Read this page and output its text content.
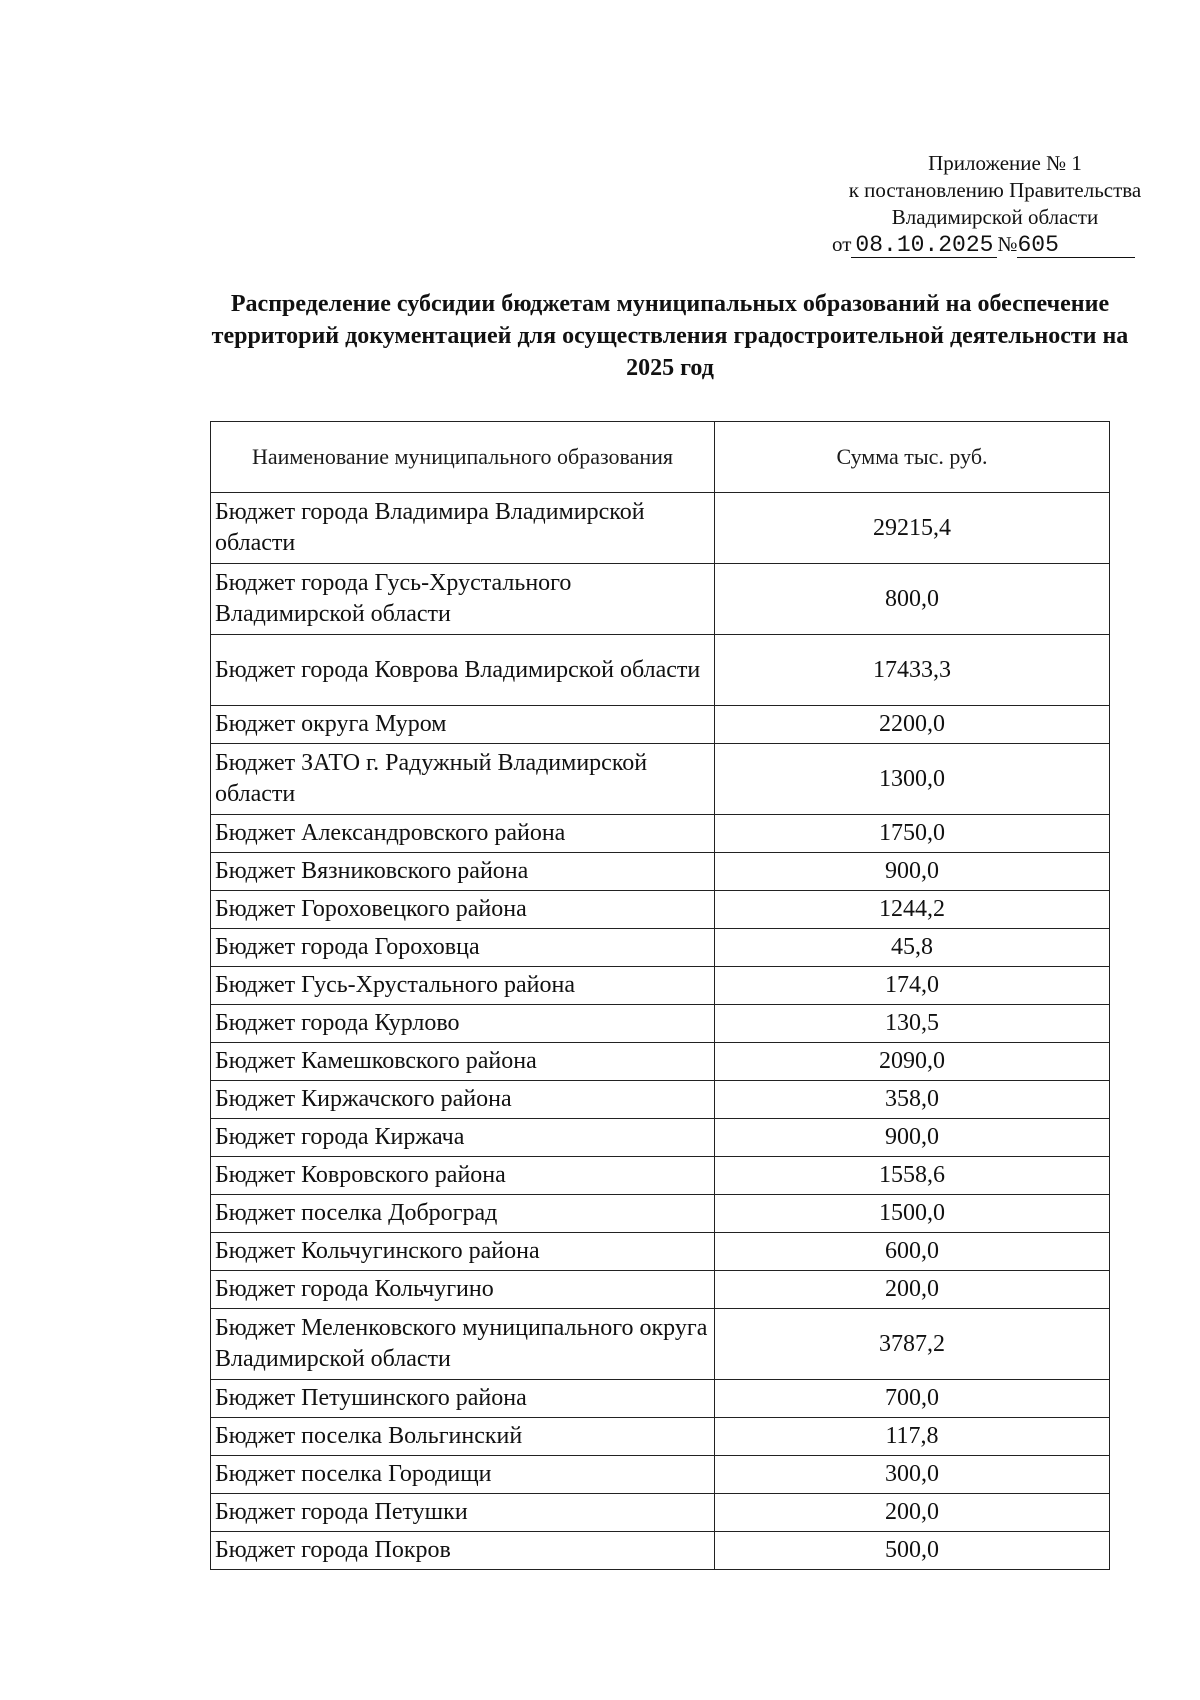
Приложение № 1
к постановлению Правительства
Владимирской области
от 08.10.2025 №605
Распределение субсидии бюджетам муниципальных образований на обеспечение территорий документацией для осуществления градостроительной деятельности на 2025 год
Наименование муниципального образования	Сумма тыс. руб.
Бюджет города Владимира Владимирской области	29215,4
Бюджет города Гусь-Хрустального Владимирской области	800,0
Бюджет города Коврова Владимирской области	17433,3
Бюджет округа Муром	2200,0
Бюджет ЗАТО г. Радужный Владимирской области	1300,0
Бюджет Александровского района	1750,0
Бюджет Вязниковского района	900,0
Бюджет Гороховецкого района	1244,2
Бюджет города Гороховца	45,8
Бюджет Гусь-Хрустального района	174,0
Бюджет города Курлово	130,5
Бюджет Камешковского района	2090,0
Бюджет Киржачского района	358,0
Бюджет города Киржача	900,0
Бюджет Ковровского района	1558,6
Бюджет поселка Доброград	1500,0
Бюджет Кольчугинского района	600,0
Бюджет города Кольчугино	200,0
Бюджет Меленковского муниципального округа Владимирской области	3787,2
Бюджет Петушинского района	700,0
Бюджет поселка Вольгинский	117,8
Бюджет поселка Городищи	300,0
Бюджет города Петушки	200,0
Бюджет города Покров	500,0
